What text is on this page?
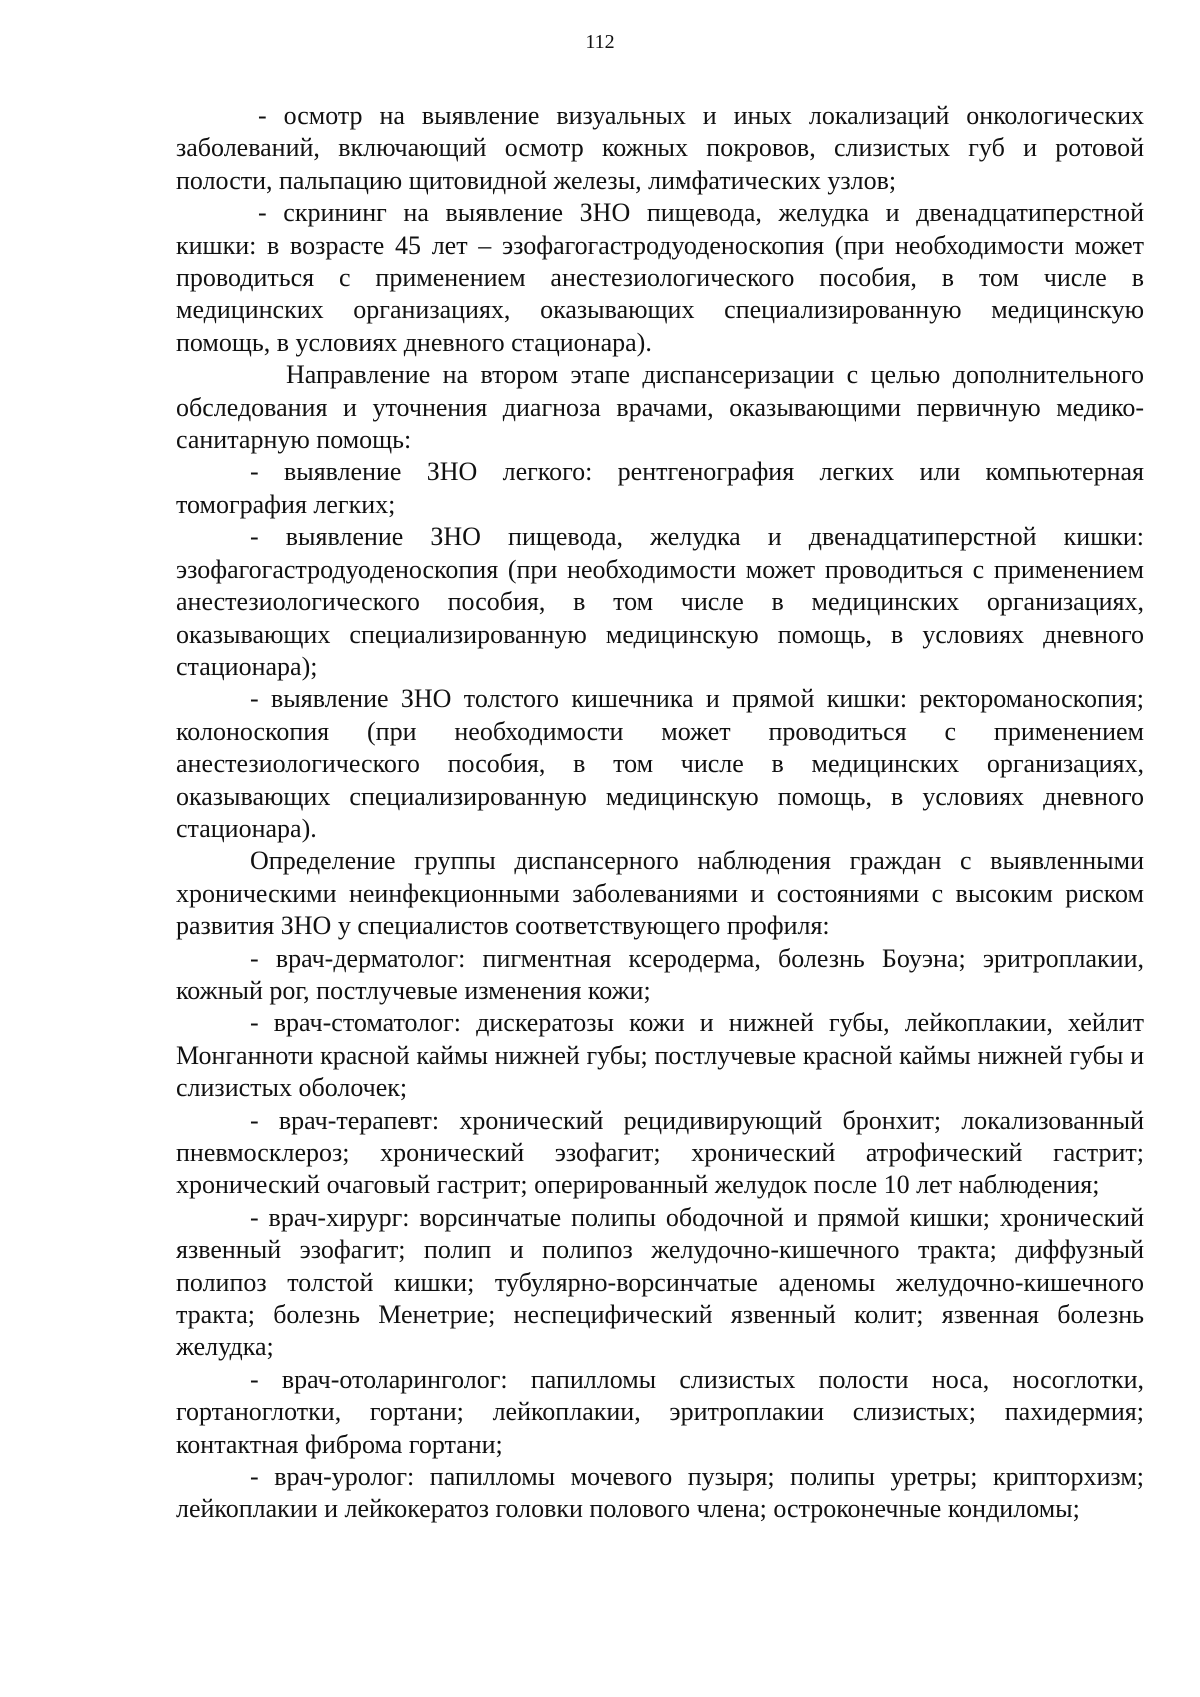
112

- осмотр на выявление визуальных и иных локализаций онкологических заболеваний, включающий осмотр кожных покровов, слизистых губ и ротовой полости, пальпацию щитовидной железы, лимфатических узлов;

- скрининг на выявление ЗНО пищевода, желудка и двенадцатиперстной кишки: в возрасте 45 лет – эзофагогастродуоденоскопия (при необходимости может проводиться с применением анестезиологического пособия, в том числе в медицинских организациях, оказывающих специализированную медицинскую помощь, в условиях дневного стационара).

Направление на втором этапе диспансеризации с целью дополнительного обследования и уточнения диагноза врачами, оказывающими первичную медико-санитарную помощь:

- выявление ЗНО легкого: рентгенография легких или компьютерная томография легких;

- выявление ЗНО пищевода, желудка и двенадцатиперстной кишки: эзофагогастродуоденоскопия (при необходимости может проводиться с применением анестезиологического пособия, в том числе в медицинских организациях, оказывающих специализированную медицинскую помощь, в условиях дневного стационара);

- выявление ЗНО толстого кишечника и прямой кишки: ректороманоскопия; колоноскопия (при необходимости может проводиться с применением анестезиологического пособия, в том числе в медицинских организациях, оказывающих специализированную медицинскую помощь, в условиях дневного стационара).

Определение группы диспансерного наблюдения граждан с выявленными хроническими неинфекционными заболеваниями и состояниями с высоким риском развития ЗНО у специалистов соответствующего профиля:

- врач-дерматолог: пигментная ксеродерма, болезнь Боуэна; эритроплакии, кожный рог, постлучевые изменения кожи;

- врач-стоматолог: дискератозы кожи и нижней губы, лейкоплакии, хейлит Монганноти красной каймы нижней губы; постлучевые красной каймы нижней губы и слизистых оболочек;

- врач-терапевт: хронический рецидивирующий бронхит; локализованный пневмосклероз; хронический эзофагит; хронический атрофический гастрит; хронический очаговый гастрит; оперированный желудок после 10 лет наблюдения;

- врач-хирург: ворсинчатые полипы ободочной и прямой кишки; хронический язвенный эзофагит; полип и полипоз желудочно-кишечного тракта; диффузный полипоз толстой кишки; тубулярно-ворсинчатые аденомы желудочно-кишечного тракта; болезнь Менетрие; неспецифический язвенный колит; язвенная болезнь желудка;

- врач-отоларинголог: папилломы слизистых полости носа, носоглотки, гортаноглотки, гортани; лейкоплакии, эритроплакии слизистых; пахидермия; контактная фиброма гортани;

- врач-уролог: папилломы мочевого пузыря; полипы уретры; крипторхизм; лейкоплакии и лейкокератоз головки полового члена; остроконечные кондиломы;
